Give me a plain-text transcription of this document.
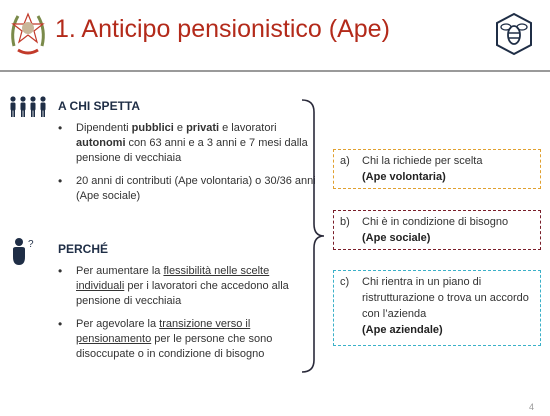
1. Anticipo pensionistico (Ape)
A CHI SPETTA
• Dipendenti pubblici e privati e lavoratori autonomi con 63 anni e a 3 anni e 7 mesi dalla pensione di vecchiaia
• 20 anni di contributi (Ape volontaria) o 30/36 anni (Ape sociale)
? PERCHÉ
• Per aumentare la flessibilità nelle scelte individuali per i lavoratori che accedono alla pensione di vecchiaia
• Per agevolare la transizione verso il pensionamento per le persone che sono disoccupate o in condizione di bisogno
a) Chi la richiede per scelta
(Ape volontaria)
b) Chi è in condizione di bisogno
(Ape sociale)
c) Chi rientra in un piano di ristrutturazione o trova un accordo con l’azienda
(Ape aziendale)
4
